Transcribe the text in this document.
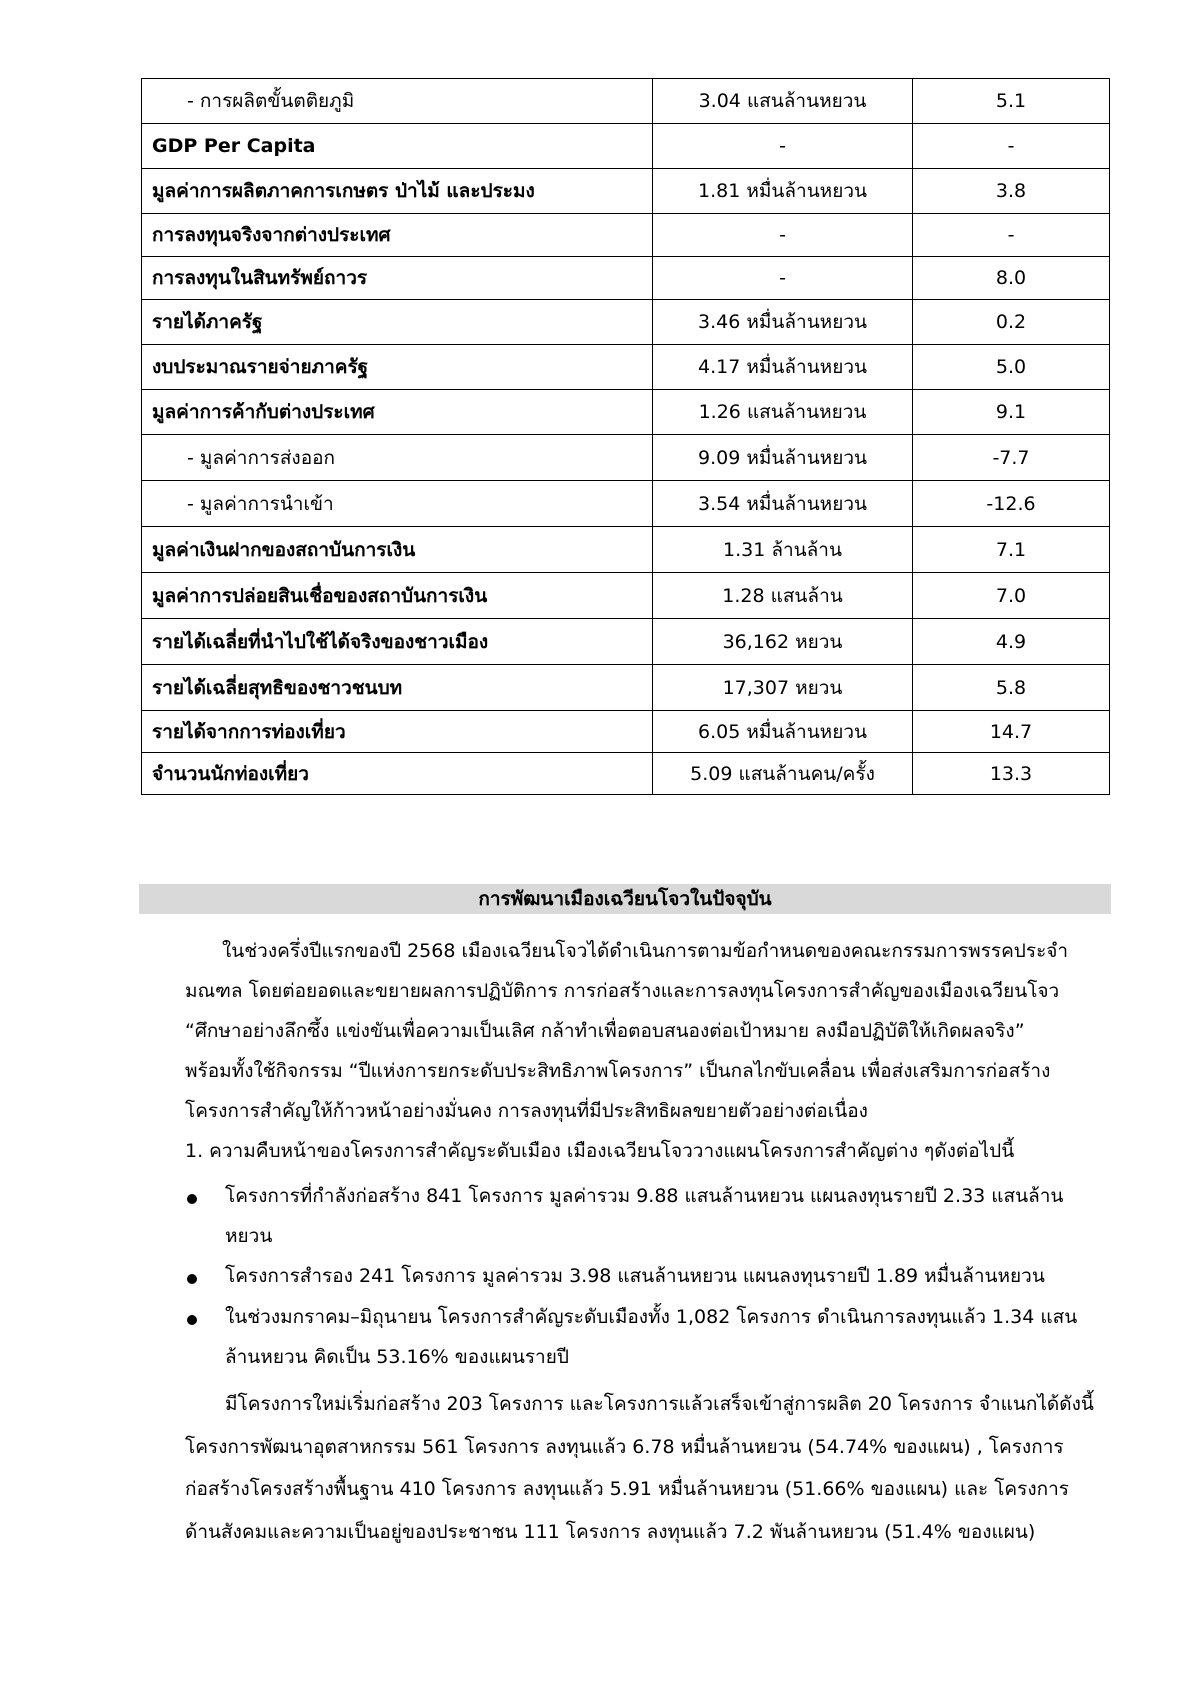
- การผลิตขั้นตติยภูมิ	3.04 แสนล้านหยวน	5.1
GDP Per Capita	-	-
มูลค่าการผลิตภาคการเกษตร ป่าไม้ และประมง	1.81 หมื่นล้านหยวน	3.8
การลงทุนจริงจากต่างประเทศ	-	-
การลงทุนในสินทรัพย์ถาวร	-	8.0
รายได้ภาครัฐ	3.46 หมื่นล้านหยวน	0.2
งบประมาณรายจ่ายภาครัฐ	4.17 หมื่นล้านหยวน	5.0
มูลค่าการค้ากับต่างประเทศ	1.26 แสนล้านหยวน	9.1
- มูลค่าการส่งออก	9.09 หมื่นล้านหยวน	-7.7
- มูลค่าการนำเข้า	3.54 หมื่นล้านหยวน	-12.6
มูลค่าเงินฝากของสถาบันการเงิน	1.31 ล้านล้าน	7.1
มูลค่าการปล่อยสินเชื่อของสถาบันการเงิน	1.28 แสนล้าน	7.0
รายได้เฉลี่ยที่นำไปใช้ได้จริงของชาวเมือง	36,162 หยวน	4.9
รายได้เฉลี่ยสุทธิของชาวชนบท	17,307 หยวน	5.8
รายได้จากการท่องเที่ยว	6.05 หมื่นล้านหยวน	14.7
จำนวนนักท่องเที่ยว	5.09 แสนล้านคน/ครั้ง	13.3
การพัฒนาเมืองเฉวียนโจวในปัจจุบัน
ในช่วงครึ่งปีแรกของปี 2568 เมืองเฉวียนโจวได้ดำเนินการตามข้อกำหนดของคณะกรรมการพรรคประจำ
มณฑล โดยต่อยอดและขยายผลการปฏิบัติการ การก่อสร้างและการลงทุนโครงการสำคัญของเมืองเฉวียนโจว
“ศึกษาอย่างลึกซึ้ง แข่งขันเพื่อความเป็นเลิศ กล้าทำเพื่อตอบสนองต่อเป้าหมาย ลงมือปฏิบัติให้เกิดผลจริง”
พร้อมทั้งใช้กิจกรรม “ปีแห่งการยกระดับประสิทธิภาพโครงการ” เป็นกลไกขับเคลื่อน เพื่อส่งเสริมการก่อสร้าง
โครงการสำคัญให้ก้าวหน้าอย่างมั่นคง การลงทุนที่มีประสิทธิผลขยายตัวอย่างต่อเนื่อง
1. ความคืบหน้าของโครงการสำคัญระดับเมือง เมืองเฉวียนโจววางแผนโครงการสำคัญต่าง ๆดังต่อไปนี้
โครงการที่กำลังก่อสร้าง 841 โครงการ มูลค่ารวม 9.88 แสนล้านหยวน แผนลงทุนรายปี 2.33 แสนล้าน
หยวน
โครงการสำรอง 241 โครงการ มูลค่ารวม 3.98 แสนล้านหยวน แผนลงทุนรายปี 1.89 หมื่นล้านหยวน
ในช่วงมกราคม–มิถุนายน โครงการสำคัญระดับเมืองทั้ง 1,082 โครงการ ดำเนินการลงทุนแล้ว 1.34 แสน
ล้านหยวน คิดเป็น 53.16% ของแผนรายปี
มีโครงการใหม่เริ่มก่อสร้าง 203 โครงการ และโครงการแล้วเสร็จเข้าสู่การผลิต 20 โครงการ จำแนกได้ดังนี้
โครงการพัฒนาอุตสาหกรรม 561 โครงการ ลงทุนแล้ว 6.78 หมื่นล้านหยวน (54.74% ของแผน) , โครงการ
ก่อสร้างโครงสร้างพื้นฐาน 410 โครงการ ลงทุนแล้ว 5.91 หมื่นล้านหยวน (51.66% ของแผน) และ โครงการ
ด้านสังคมและความเป็นอยู่ของประชาชน 111 โครงการ ลงทุนแล้ว 7.2 พันล้านหยวน (51.4% ของแผน)
